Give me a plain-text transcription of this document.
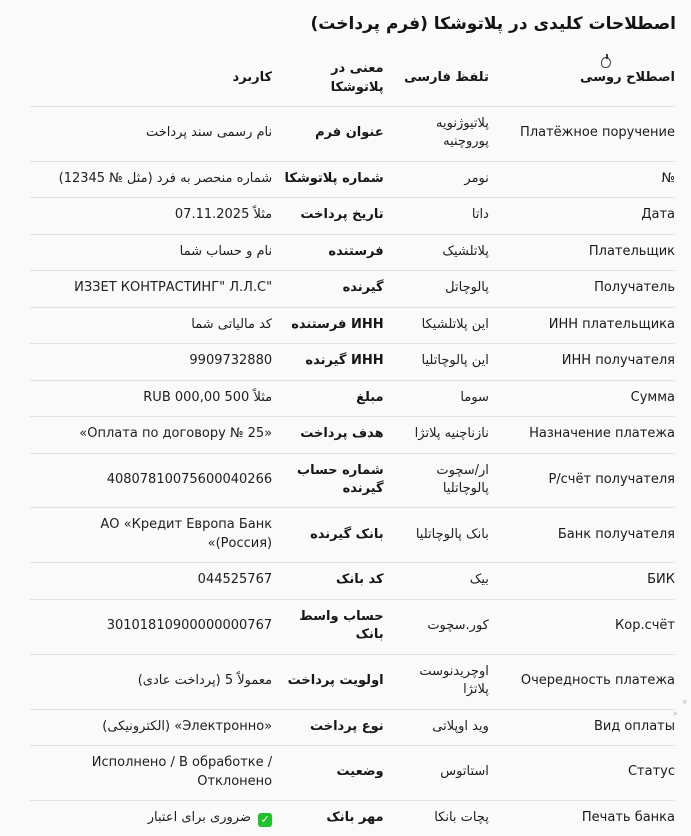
اصطلاحات کلیدی در پلاتوشکا (فرم پرداخت)
اصطلاح روسی	تلفظ فارسی	معنی در پلاتوشکا	کاربرد
Платёжное поручение	پلاتیوژنویه پوروچنیه	عنوان فرم	نام رسمی سند پرداخت
№	نومر	شماره پلاتوشکا	شماره منحصر به فرد (مثل № 12345)
Дата	داتا	تاریخ پرداخت	مثلاً 07.11.2025
Плательщик	پلاتلشیک	فرستنده	نام و حساب شما
Получатель	پالوچاتل	گیرنده	"ИЗЗЕТ КОНТРАСТИНГ" Л.Л.С
ИНН плательщика	این پلاتلشیکا	ИНН فرستنده	کد مالیاتی شما
ИНН получателя	این پالوچاتلیا	ИНН گیرنده	9909732880
Сумма	سوما	مبلغ	مثلاً 500 000,00 RUB
Назначение платежа	نازناچنیه پلاتژا	هدف پرداخت	«Оплата по договору № 25»
Р/счёт получателя	ار/سچوت پالوچاتلیا	شماره حساب گیرنده	40807810075600040266
Банк получателя	بانک پالوچاتلیا	بانک گیرنده	АО «Кредит Европа Банк (Россия)‎»
БИК	بیک	کد بانک	044525767
Кор.счёт	کور.سچوت	حساب واسط بانک	30101810900000000767
Очередность платежа	اوچریدنوست پلاتژا	اولویت پرداخت	معمولاً 5 (پرداخت عادی)
Вид оплаты	وید اوپلاتی	نوع پرداخت	«Электронно» (الکترونیکی)
Статус	استاتوس	وضعیت	Исполнено / В обработке / Отклонено
Печать банка	پچات بانکا	مهر بانک	✓ ضروری برای اعتبار
▾
▸
